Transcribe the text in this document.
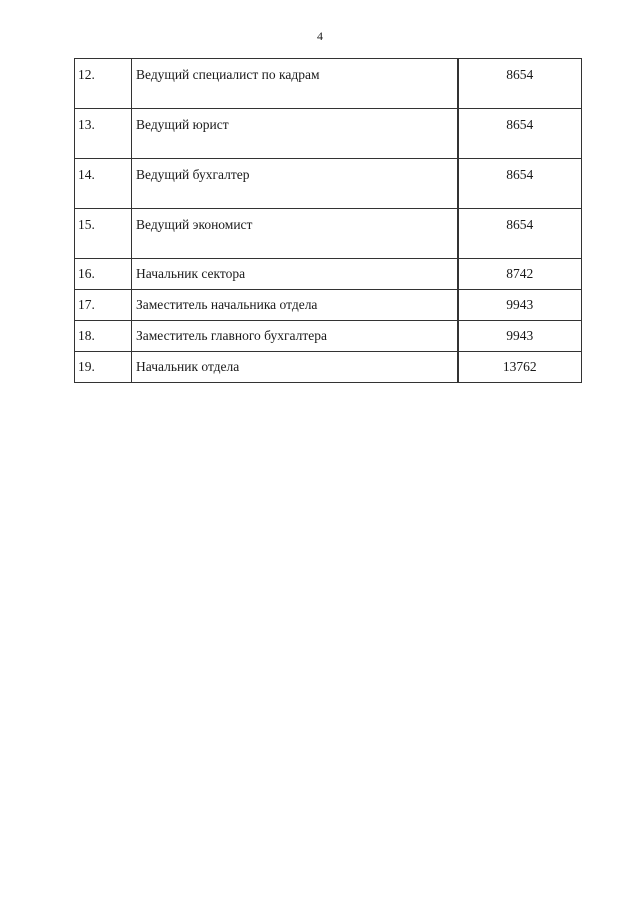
4
12.	Ведущий специалист по кадрам	8654
13.	Ведущий юрист	8654
14.	Ведущий бухгалтер	8654
15.	Ведущий экономист	8654
16.	Начальник сектора	8742
17.	Заместитель начальника отдела	9943
18.	Заместитель главного бухгалтера	9943
19.	Начальник отдела	13762
